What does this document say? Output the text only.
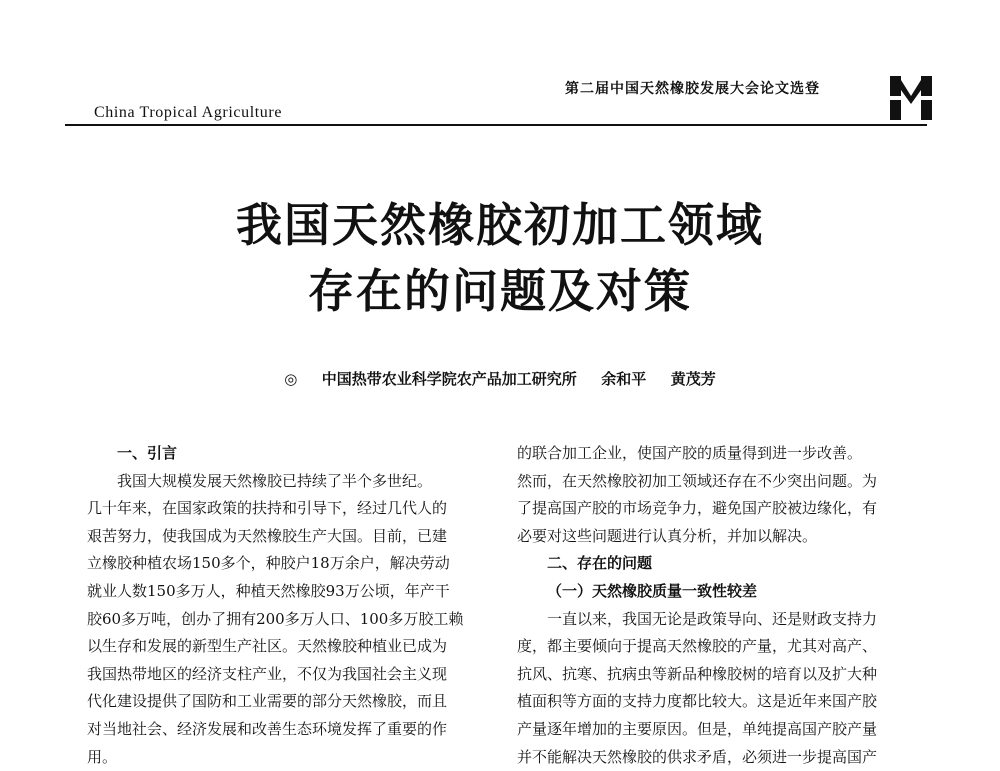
第二届中国天然橡胶发展大会论文选登
China Tropical Agriculture
我国天然橡胶初加工领域
存在的问题及对策
◎ 中国热带农业科学院农产品加工研究所 余和平 黄茂芳
一、引言
我国大规模发展天然橡胶已持续了半个多世纪。
几十年来，在国家政策的扶持和引导下，经过几代人的
艰苦努力，使我国成为天然橡胶生产大国。目前，已建
立橡胶种植农场150多个，种胶户18万余户，解决劳动
就业人数150多万人，种植天然橡胶93万公顷，年产干
胶60多万吨，创办了拥有200多万人口、100多万胶工赖
以生存和发展的新型生产社区。天然橡胶种植业已成为
我国热带地区的经济支柱产业，不仅为我国社会主义现
代化建设提供了国防和工业需要的部分天然橡胶，而且
对当地社会、经济发展和改善生态环境发挥了重要的作
用。
的联合加工企业，使国产胶的质量得到进一步改善。
然而，在天然橡胶初加工领域还存在不少突出问题。为
了提高国产胶的市场竞争力，避免国产胶被边缘化，有
必要对这些问题进行认真分析，并加以解决。
二、存在的问题
（一）天然橡胶质量一致性较差
一直以来，我国无论是政策导向、还是财政支持力
度，都主要倾向于提高天然橡胶的产量，尤其对高产、
抗风、抗寒、抗病虫等新品种橡胶树的培育以及扩大种
植面积等方面的支持力度都比较大。这是近年来国产胶
产量逐年增加的主要原因。但是，单纯提高国产胶产量
并不能解决天然橡胶的供求矛盾，必须进一步提高国产
